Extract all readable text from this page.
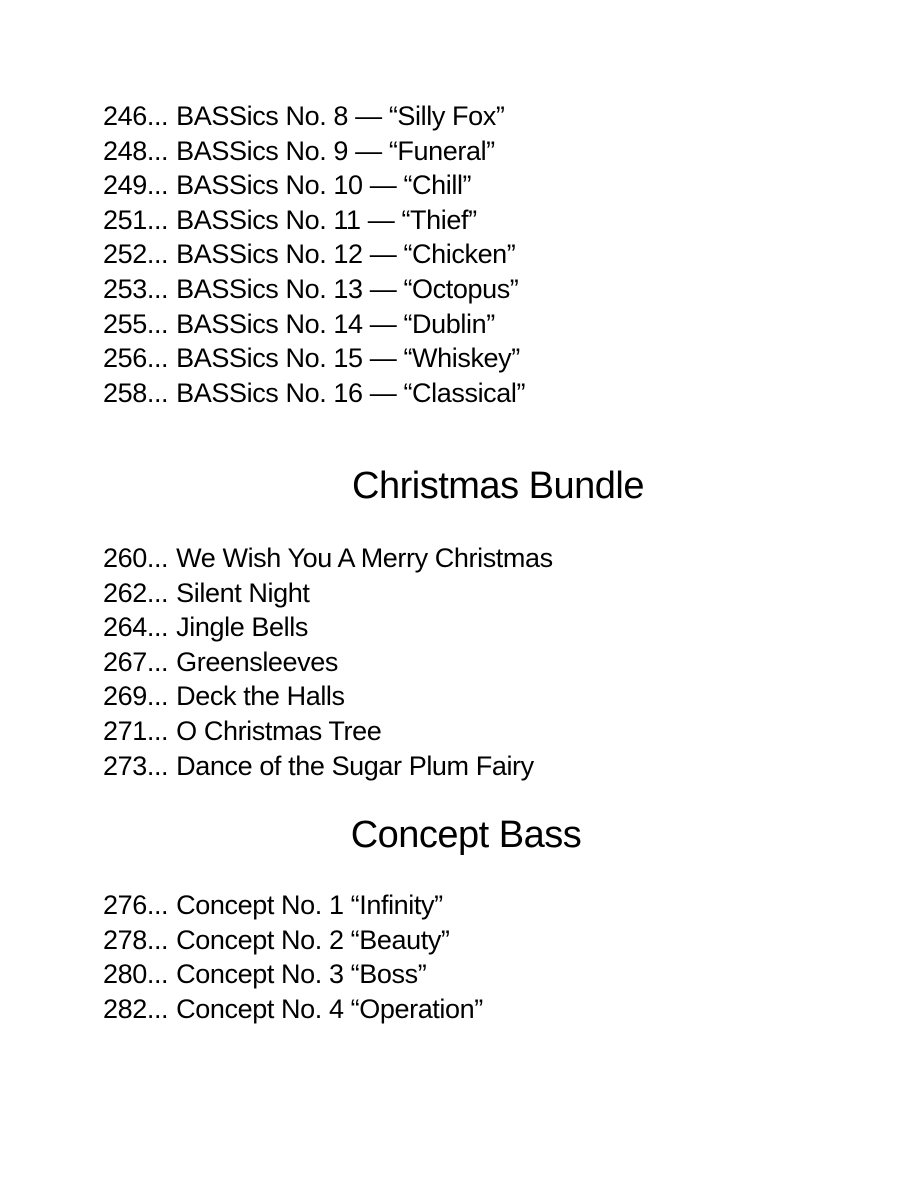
246... BASSics No. 8 — “Silly Fox”
248... BASSics No. 9 — “Funeral”
249... BASSics No. 10 — “Chill”
251... BASSics No. 11 — “Thief”
252... BASSics No. 12 — “Chicken”
253... BASSics No. 13 — “Octopus”
255... BASSics No. 14 — “Dublin”
256... BASSics No. 15 — “Whiskey”
258... BASSics No. 16 — “Classical”
Christmas Bundle
260... We Wish You A Merry Christmas
262... Silent Night
264... Jingle Bells
267... Greensleeves
269... Deck the Halls
271... O Christmas Tree
273... Dance of the Sugar Plum Fairy
Concept Bass
276... Concept No. 1 “Infinity”
278... Concept No. 2 “Beauty”
280... Concept No. 3 “Boss”
282... Concept No. 4 “Operation”
